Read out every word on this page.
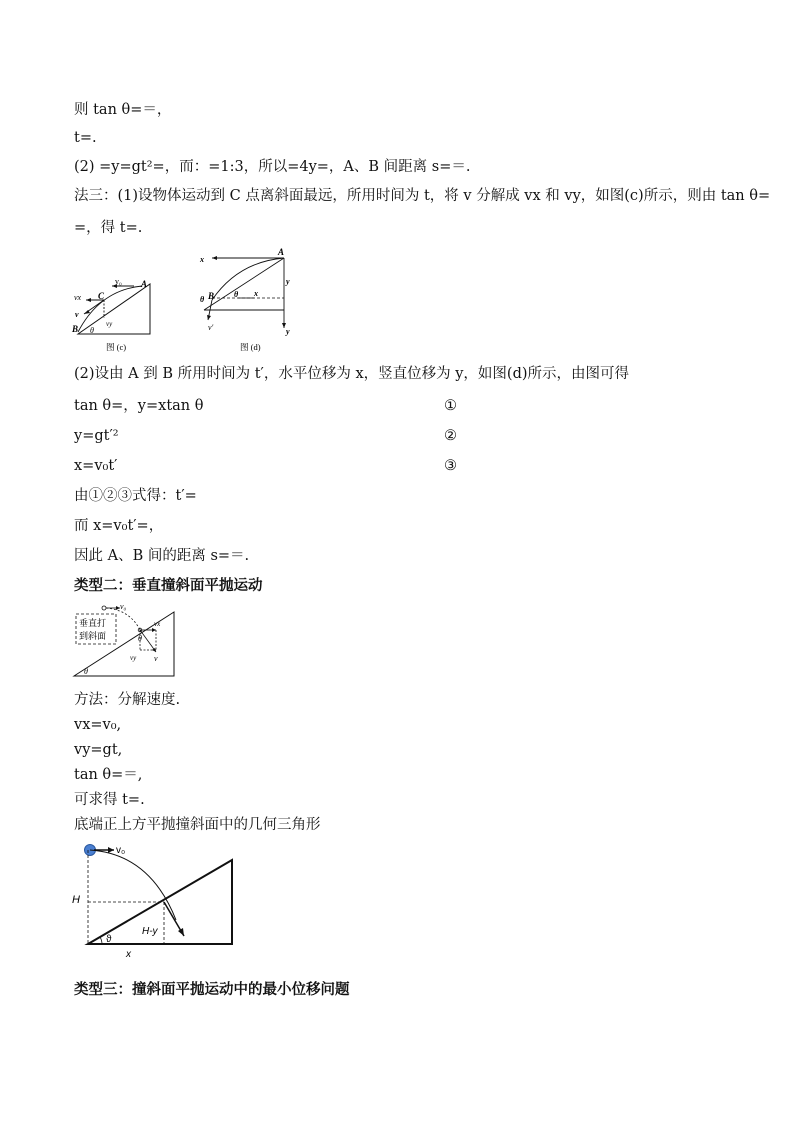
则 tan θ=＝，
t=.
(2) =y=gt²=，而：=1:3，所以=4y=，A、B 间距离 s=＝.
法三：(1)设物体运动到 C 点离斜面最远，所用时间为 t，将 v 分解成 vx 和 vy，如图(c)所示，则由 tan θ=
=，得 t=.
v₀ A
C
vx
v
vy
B θ
图 (c)
x
A
y
θ B θ x
v′	y
图 (d)
(2)设由 A 到 B 所用时间为 t′，水平位移为 x，竖直位移为 y，如图(d)所示，由图可得
tan θ=，y=xtan θ	①
y=gt′²	②
x=v₀t′	③
由①②③式得：t′=
而 x=v₀t′=，
因此 A、B 间的距离 s=＝.
类型二：垂直撞斜面平抛运动
垂直打
到斜面
v₀
vx
θ
vy v
θ
方法：分解速度.
vx=v₀,
vy=gt,
tan θ=＝,
可求得 t=.
底端正上方平抛撞斜面中的几何三角形
v₀
H
H-y
ϑ
x
类型三：撞斜面平抛运动中的最小位移问题
